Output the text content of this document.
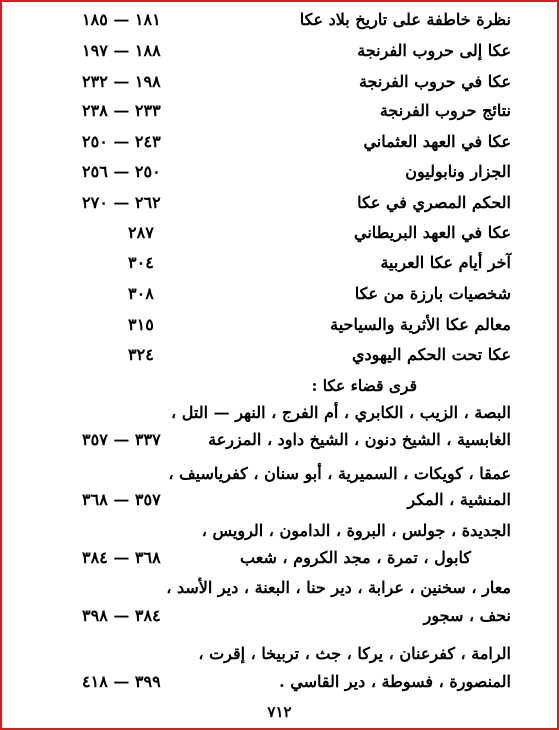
نظرة خاطفة على تاريخ بلاد عكا
١٨١ — ١٨٥
عكا إلى حروب الفرنجة
١٨٨ — ١٩٧
عكا في حروب الفرنجة
١٩٨ — ٢٣٢
نتائج حروب الفرنجة
٢٣٣ — ٢٣٨
عكا في العهد العثماني
٢٤٣ — ٢٥٠
الجزار ونابوليون
٢٥٠ — ٢٥٦
الحكم المصري في عكا
٢٦٢ — ٢٧٠
عكا في العهد البريطاني
٢٨٧
آخر أيام عكا العربية
٣٠٤
شخصيات بارزة من عكا
٣٠٨
معالم عكا الأثرية والسياحية
٣١٥
عكا تحت الحكم اليهودي
٣٢٤
قرى قضاء عكا :
البصة ، الزيب ، الكابري ، أم الفرج ، النهر — التل ،
الغابسية ، الشيخ دنون ، الشيخ داود ، المزرعة
٣٣٧ — ٣٥٧
عمقا ، كويكات ، السميرية ، أبو سنان ، كفرياسيف ،
المنشية ، المكر
٣٥٧ — ٣٦٨
الجديدة ، جولس ، البروة ، الدامون ، الرويس ،
كابول ، تمرة ، مجد الكروم ، شعب
٣٦٨ — ٣٨٤
معار ، سخنين ، عرابة ، دير حنا ، البعنة ، دير الأسد ،
نحف ، سجور
٣٨٤ — ٣٩٨
الرامة ، كفرعنان ، يركا ، جث ، تربيخا ، إقرت ،
المنصورة ، فسوطة ، دير القاسي .
٣٩٩ — ٤١٨
٧١٢
